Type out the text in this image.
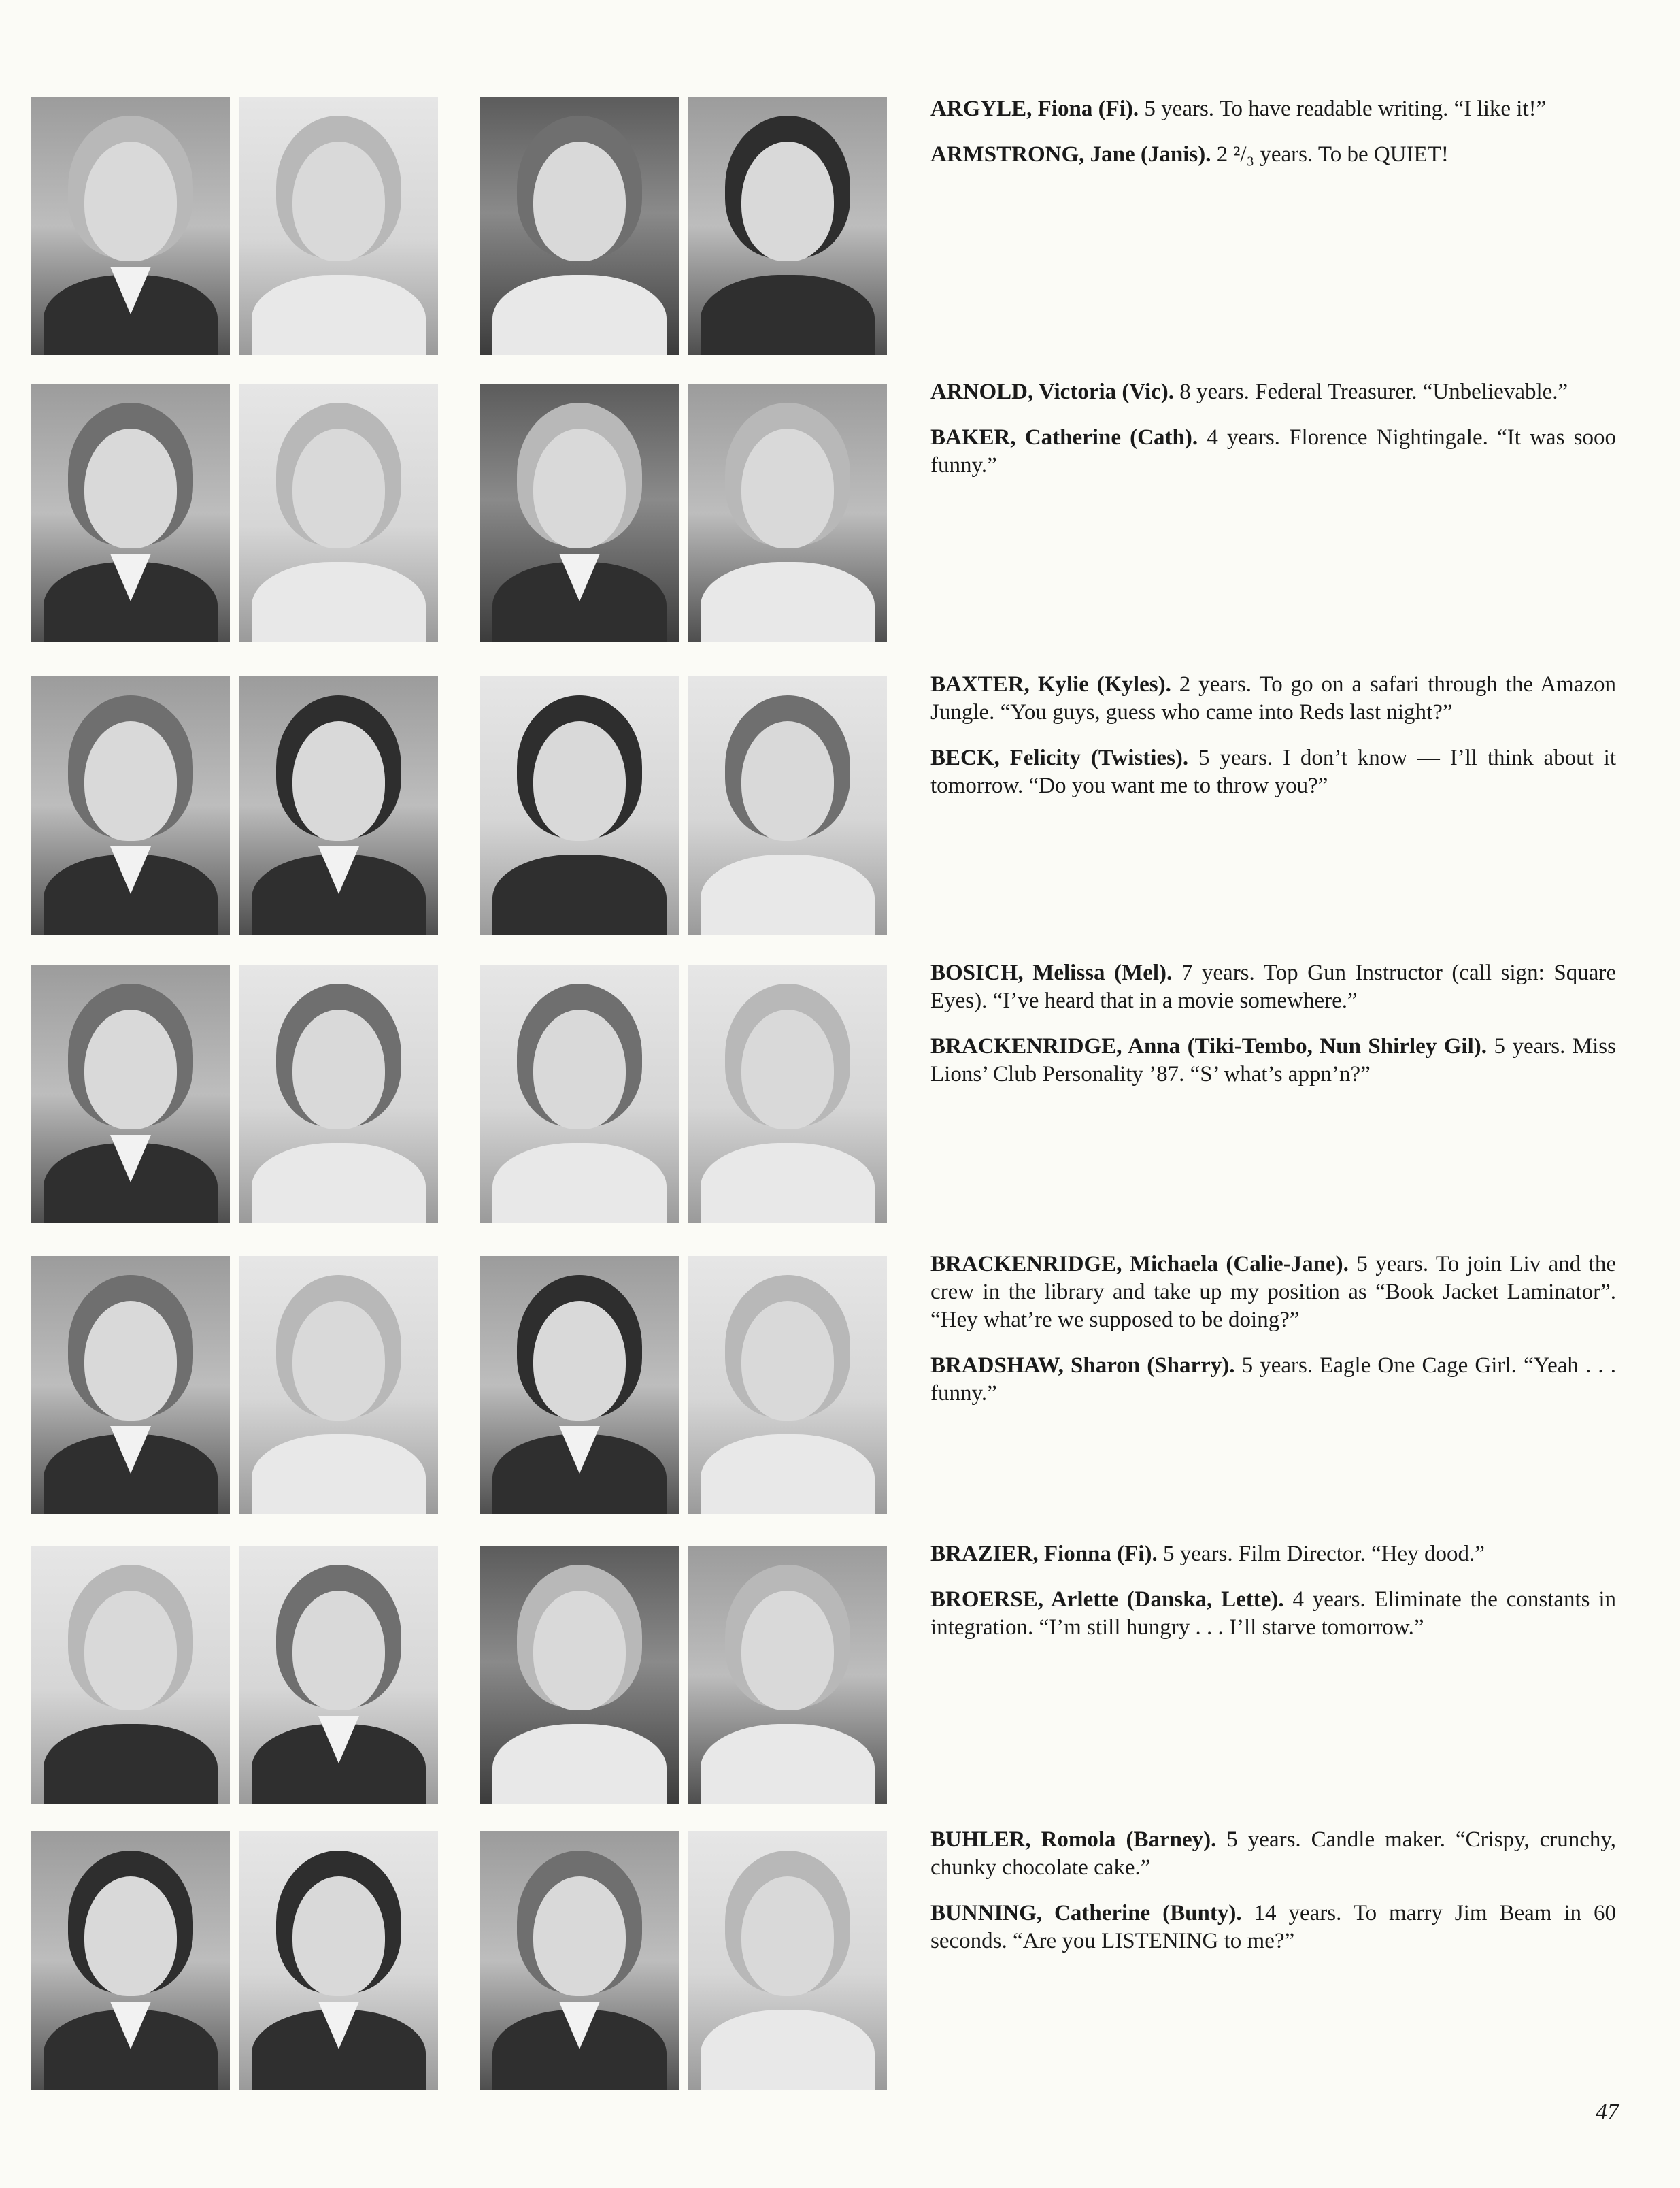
ARGYLE, Fiona (Fi). 5 years. To have readable writing. “I like it!”

ARMSTRONG, Jane (Janis). 2 ²/₃ years. To be QUIET!

ARNOLD, Victoria (Vic). 8 years. Federal Treasurer. “Unbelievable.”

BAKER, Catherine (Cath). 4 years. Florence Nightingale. “It was sooo funny.”

BAXTER, Kylie (Kyles). 2 years. To go on a safari through the Amazon Jungle. “You guys, guess who came into Reds last night?”

BECK, Felicity (Twisties). 5 years. I don’t know — I’ll think about it tomorrow. “Do you want me to throw you?”

BOSICH, Melissa (Mel). 7 years. Top Gun Instructor (call sign: Square Eyes). “I’ve heard that in a movie somewhere.”

BRACKENRIDGE, Anna (Tiki-Tembo, Nun Shirley Gil). 5 years. Miss Lions’ Club Personality ’87. “S’ what’s appn’n?”

BRACKENRIDGE, Michaela (Calie-Jane). 5 years. To join Liv and the crew in the library and take up my position as “Book Jacket Laminator”. “Hey what’re we supposed to be doing?”

BRADSHAW, Sharon (Sharry). 5 years. Eagle One Cage Girl. “Yeah . . . funny.”

BRAZIER, Fionna (Fi). 5 years. Film Director. “Hey dood.”

BROERSE, Arlette (Danska, Lette). 4 years. Eliminate the constants in integration. “I’m still hungry . . . I’ll starve tomorrow.”

BUHLER, Romola (Barney). 5 years. Candle maker. “Crispy, crunchy, chunky chocolate cake.”

BUNNING, Catherine (Bunty). 14 years. To marry Jim Beam in 60 seconds. “Are you LISTENING to me?”

47
